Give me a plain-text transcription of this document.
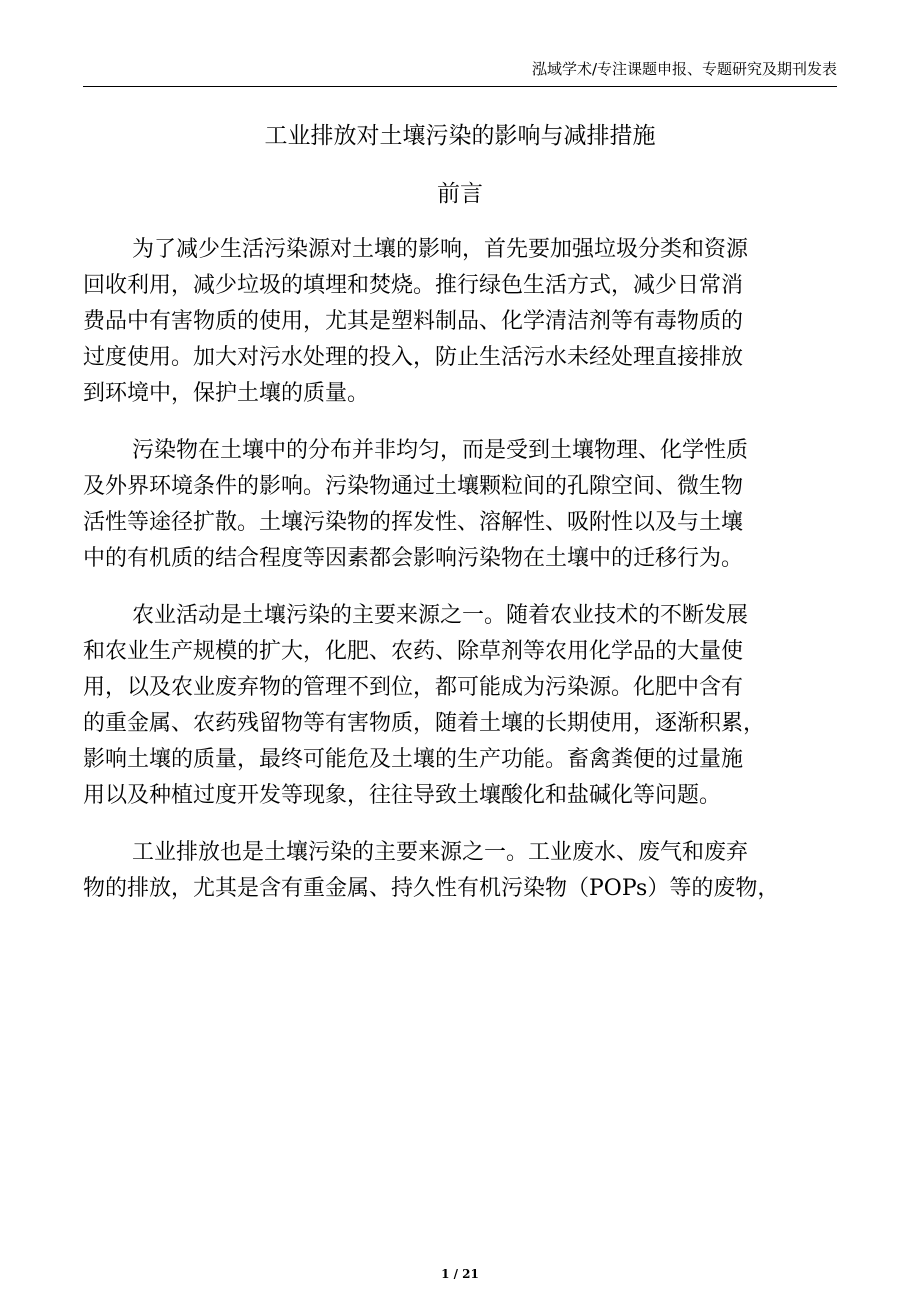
泓域学术/专注课题申报、专题研究及期刊发表
工业排放对土壤污染的影响与减排措施
前言
为了减少生活污染源对土壤的影响，首先要加强垃圾分类和资源
回收利用，减少垃圾的填埋和焚烧。推行绿色生活方式，减少日常消
费品中有害物质的使用，尤其是塑料制品、化学清洁剂等有毒物质的
过度使用。加大对污水处理的投入，防止生活污水未经处理直接排放
到环境中，保护土壤的质量。
污染物在土壤中的分布并非均匀，而是受到土壤物理、化学性质
及外界环境条件的影响。污染物通过土壤颗粒间的孔隙空间、微生物
活性等途径扩散。土壤污染物的挥发性、溶解性、吸附性以及与土壤
中的有机质的结合程度等因素都会影响污染物在土壤中的迁移行为。
农业活动是土壤污染的主要来源之一。随着农业技术的不断发展
和农业生产规模的扩大，化肥、农药、除草剂等农用化学品的大量使
用，以及农业废弃物的管理不到位，都可能成为污染源。化肥中含有
的重金属、农药残留物等有害物质，随着土壤的长期使用，逐渐积累，
影响土壤的质量，最终可能危及土壤的生产功能。畜禽粪便的过量施
用以及种植过度开发等现象，往往导致土壤酸化和盐碱化等问题。
工业排放也是土壤污染的主要来源之一。工业废水、废气和废弃
物的排放，尤其是含有重金属、持久性有机污染物（POPs）等的废物，
1 / 21
